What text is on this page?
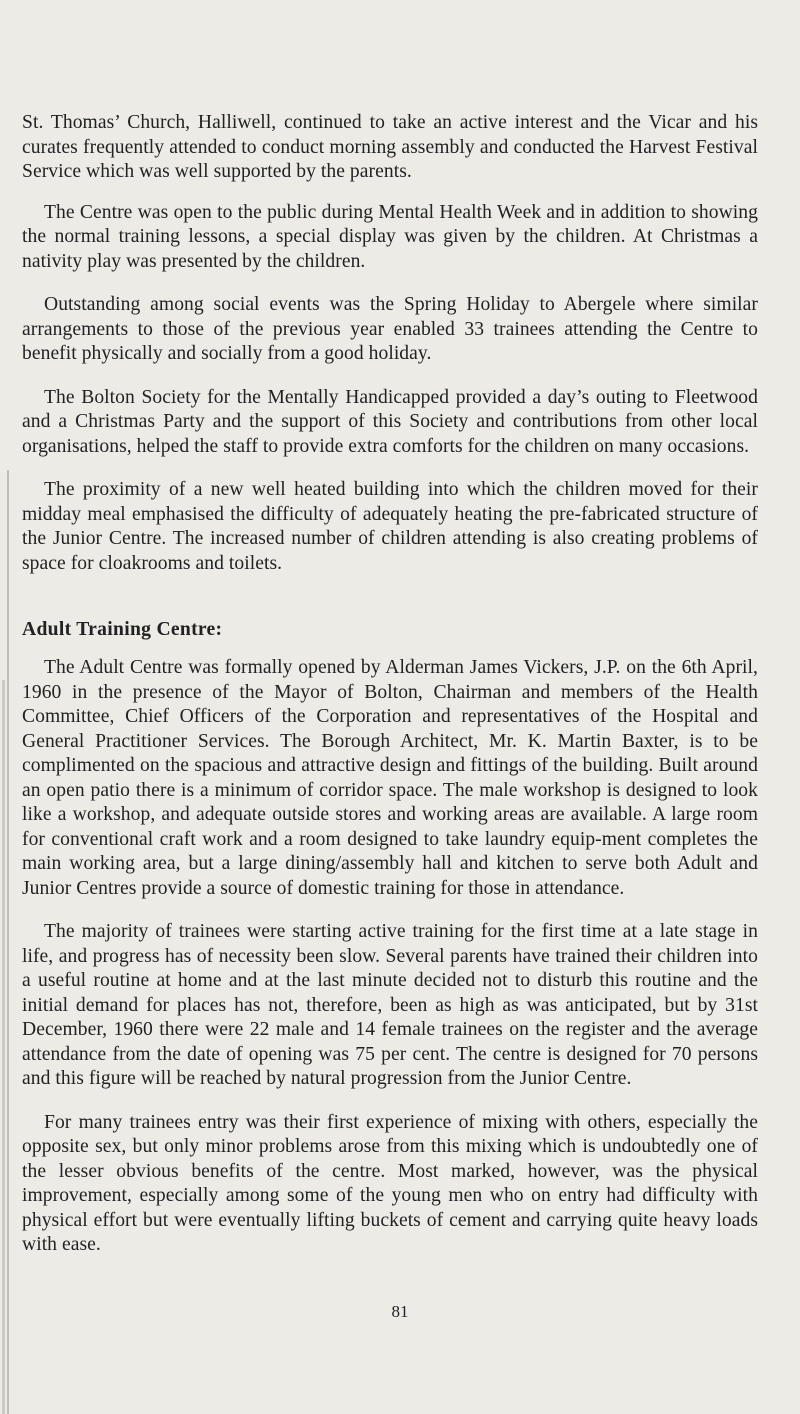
St. Thomas’ Church, Halliwell, continued to take an active interest and the Vicar and his curates frequently attended to conduct morning assembly and conducted the Harvest Festival Service which was well supported by the parents.

The Centre was open to the public during Mental Health Week and in addition to showing the normal training lessons, a special display was given by the children. At Christmas a nativity play was presented by the children.

Outstanding among social events was the Spring Holiday to Abergele where similar arrangements to those of the previous year enabled 33 trainees attending the Centre to benefit physically and socially from a good holiday.

The Bolton Society for the Mentally Handicapped provided a day’s outing to Fleetwood and a Christmas Party and the support of this Society and contributions from other local organisations, helped the staff to provide extra comforts for the children on many occasions.

The proximity of a new well heated building into which the children moved for their midday meal emphasised the difficulty of adequately heating the pre-fabricated structure of the Junior Centre. The increased number of children attending is also creating problems of space for cloakrooms and toilets.

Adult Training Centre:

The Adult Centre was formally opened by Alderman James Vickers, J.P. on the 6th April, 1960 in the presence of the Mayor of Bolton, Chairman and members of the Health Committee, Chief Officers of the Corporation and representatives of the Hospital and General Practitioner Services. The Borough Architect, Mr. K. Martin Baxter, is to be complimented on the spacious and attractive design and fittings of the building. Built around an open patio there is a minimum of corridor space. The male workshop is designed to look like a workshop, and adequate outside stores and working areas are available. A large room for conventional craft work and a room designed to take laundry equip-ment completes the main working area, but a large dining/assembly hall and kitchen to serve both Adult and Junior Centres provide a source of domestic training for those in attendance.

The majority of trainees were starting active training for the first time at a late stage in life, and progress has of necessity been slow. Several parents have trained their children into a useful routine at home and at the last minute decided not to disturb this routine and the initial demand for places has not, therefore, been as high as was anticipated, but by 31st December, 1960 there were 22 male and 14 female trainees on the register and the average attendance from the date of opening was 75 per cent. The centre is designed for 70 persons and this figure will be reached by natural progression from the Junior Centre.

For many trainees entry was their first experience of mixing with others, especially the opposite sex, but only minor problems arose from this mixing which is undoubtedly one of the lesser obvious benefits of the centre. Most marked, however, was the physical improvement, especially among some of the young men who on entry had difficulty with physical effort but were eventually lifting buckets of cement and carrying quite heavy loads with ease.

81
